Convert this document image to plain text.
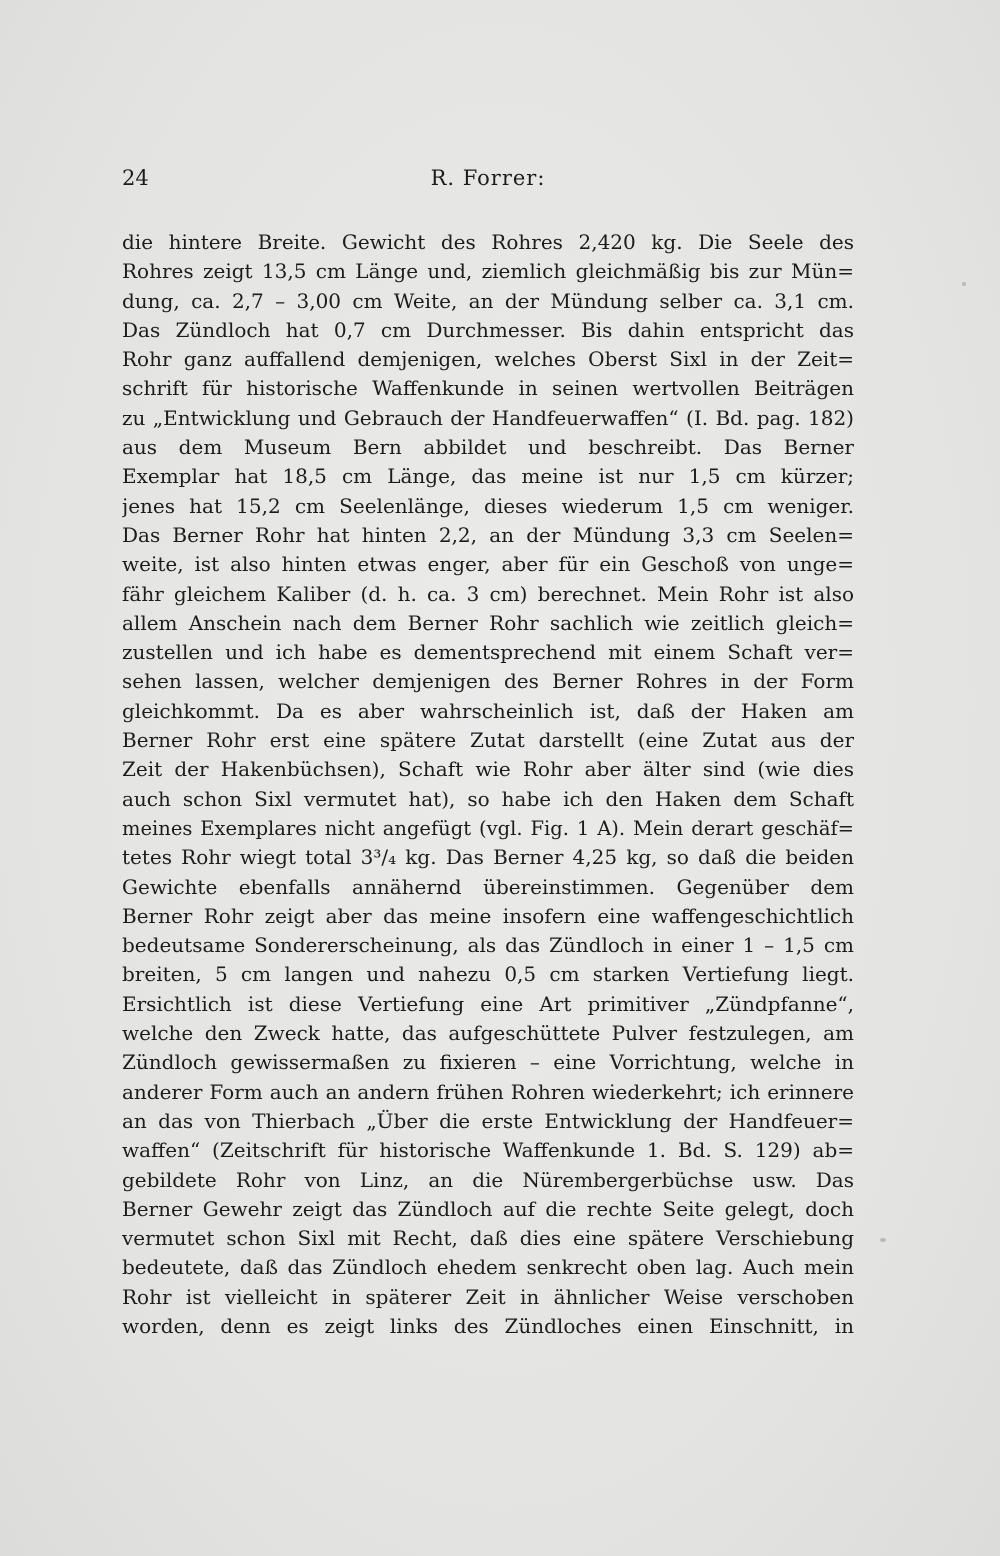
24	R. Forrer:
die hintere Breite. Gewicht des Rohres 2,420 kg. Die Seele des
Rohres zeigt 13,5 cm Länge und, ziemlich gleichmäßig bis zur Mün=
dung, ca. 2,7 – 3,00 cm Weite, an der Mündung selber ca. 3,1 cm.
Das Zündloch hat 0,7 cm Durchmesser. Bis dahin entspricht das
Rohr ganz auffallend demjenigen, welches Oberst Sixl in der Zeit=
schrift für historische Waffenkunde in seinen wertvollen Beiträgen
zu „Entwicklung und Gebrauch der Handfeuerwaffen“ (I. Bd. pag. 182)
aus dem Museum Bern abbildet und beschreibt. Das Berner
Exemplar hat 18,5 cm Länge, das meine ist nur 1,5 cm kürzer;
jenes hat 15,2 cm Seelenlänge, dieses wiederum 1,5 cm weniger.
Das Berner Rohr hat hinten 2,2, an der Mündung 3,3 cm Seelen=
weite, ist also hinten etwas enger, aber für ein Geschoß von unge=
fähr gleichem Kaliber (d. h. ca. 3 cm) berechnet. Mein Rohr ist also
allem Anschein nach dem Berner Rohr sachlich wie zeitlich gleich=
zustellen und ich habe es dementsprechend mit einem Schaft ver=
sehen lassen, welcher demjenigen des Berner Rohres in der Form
gleichkommt. Da es aber wahrscheinlich ist, daß der Haken am
Berner Rohr erst eine spätere Zutat darstellt (eine Zutat aus der
Zeit der Hakenbüchsen), Schaft wie Rohr aber älter sind (wie dies
auch schon Sixl vermutet hat), so habe ich den Haken dem Schaft
meines Exemplares nicht angefügt (vgl. Fig. 1 A). Mein derart geschäf=
tetes Rohr wiegt total 3³/₄ kg. Das Berner 4,25 kg, so daß die beiden
Gewichte ebenfalls annähernd übereinstimmen. Gegenüber dem
Berner Rohr zeigt aber das meine insofern eine waffengeschichtlich
bedeutsame Sondererscheinung, als das Zündloch in einer 1 – 1,5 cm
breiten, 5 cm langen und nahezu 0,5 cm starken Vertiefung liegt.
Ersichtlich ist diese Vertiefung eine Art primitiver „Zündpfanne“,
welche den Zweck hatte, das aufgeschüttete Pulver festzulegen, am
Zündloch gewissermaßen zu fixieren – eine Vorrichtung, welche in
anderer Form auch an andern frühen Rohren wiederkehrt; ich erinnere
an das von Thierbach „Über die erste Entwicklung der Handfeuer=
waffen“ (Zeitschrift für historische Waffenkunde 1. Bd. S. 129) ab=
gebildete Rohr von Linz, an die Nürembergerbüchse usw. Das
Berner Gewehr zeigt das Zündloch auf die rechte Seite gelegt, doch
vermutet schon Sixl mit Recht, daß dies eine spätere Verschiebung
bedeutete, daß das Zündloch ehedem senkrecht oben lag. Auch mein
Rohr ist vielleicht in späterer Zeit in ähnlicher Weise verschoben
worden, denn es zeigt links des Zündloches einen Einschnitt, in
